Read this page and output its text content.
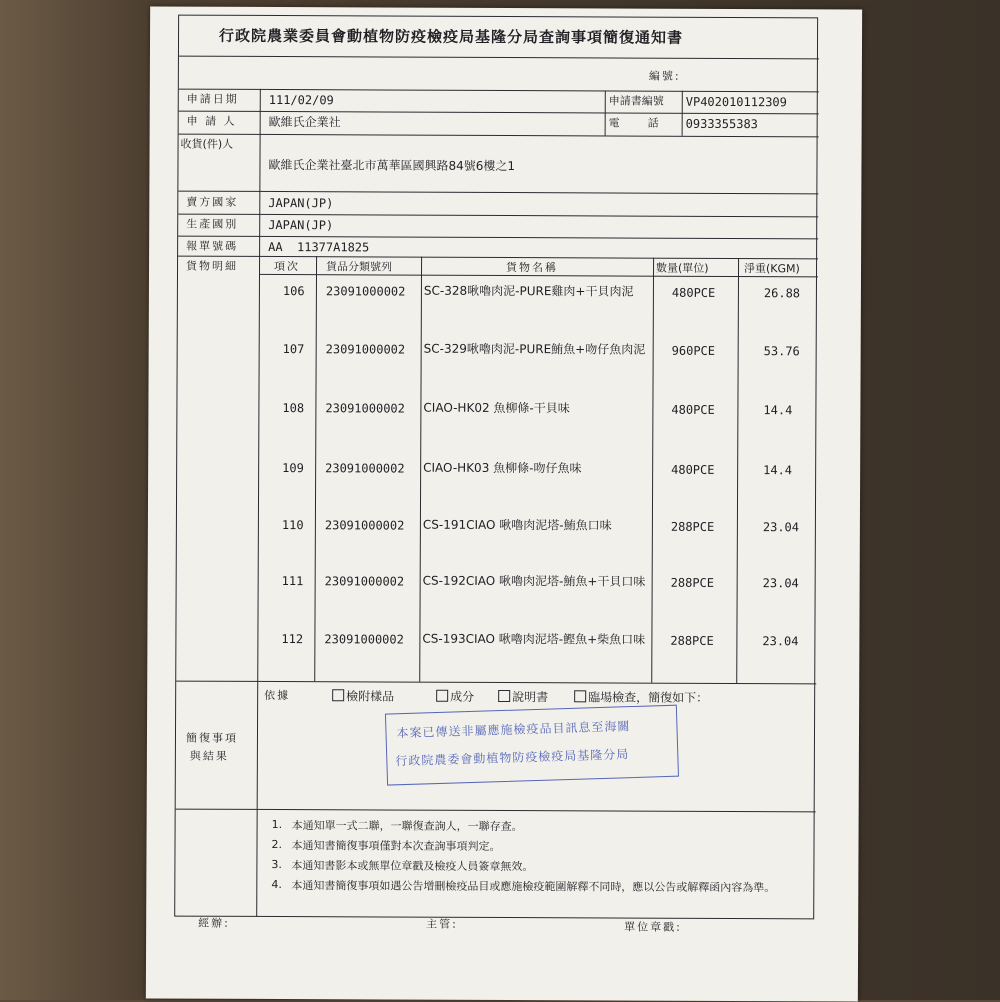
行政院農業委員會動植物防疫檢疫局基隆分局查詢事項簡復通知書
編號:
申請日期 111/02/09	申請書編號 VP402010112309
申 請 人	歐維氏企業社	電　　話 0933355383
收貨(件)人
歐維氏企業社臺北市萬華區國興路84號6樓之1
賣方國家 JAPAN(JP)
生產國別 JAPAN(JP)
報單號碼 AA  11377A1825
貨物明細	項次 貨品分類號列	貨物名稱	數量(單位)	淨重(KGM)
106 23091000002 SC-328啾嚕肉泥-PURE雞肉+干貝肉泥	480PCE	26.88
107 23091000002 SC-329啾嚕肉泥-PURE鮪魚+吻仔魚肉泥 960PCE	53.76
108 23091000002 CIAO-HK02 魚柳條-干貝味	480PCE	14.4
109 23091000002 CIAO-HK03 魚柳條-吻仔魚味	480PCE	14.4
110 23091000002 CS-191CIAO 啾嚕肉泥塔-鮪魚口味	288PCE	23.04
111 23091000002 CS-192CIAO 啾嚕肉泥塔-鮪魚+干貝口味 288PCE	23.04
112 23091000002 CS-193CIAO 啾嚕肉泥塔-鰹魚+柴魚口味 288PCE	23.04
簡復事項
與結果
依據	檢附樣品	成分	說明書	臨場檢查，簡復如下：
本案已傳送非屬應施檢疫品目訊息至海關
行政院農委會動植物防疫檢疫局基隆分局
1. 本通知單一式二聯，一聯復查詢人，一聯存查。
2. 本通知書簡復事項僅對本次查詢事項判定。
3. 本通知書影本或無單位章戳及檢疫人員簽章無效。
4. 本通知書簡復事項如遇公告增刪檢疫品目或應施檢疫範圍解釋不同時，應以公告或解釋函內容為準。
經辦:	主管:	單位章戳:
